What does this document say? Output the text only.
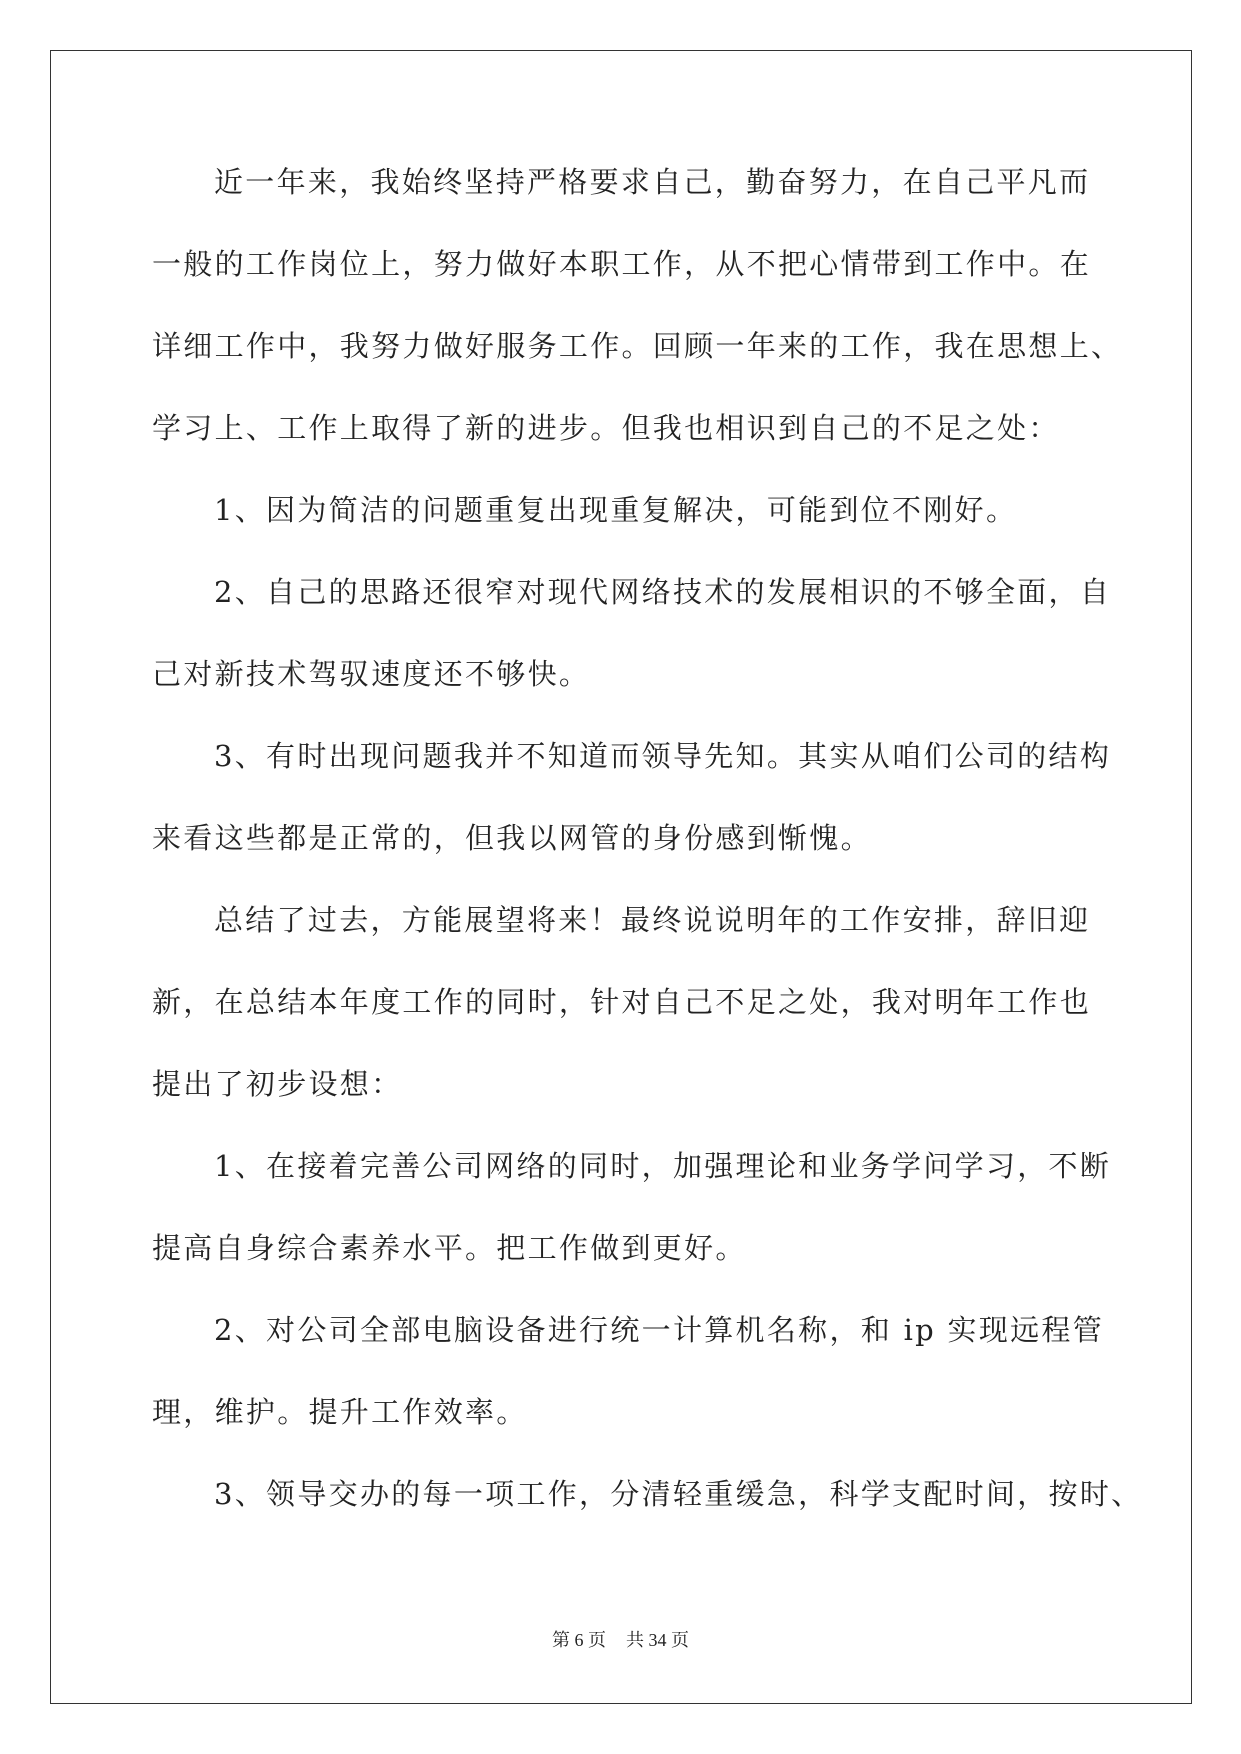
近一年来，我始终坚持严格要求自己，勤奋努力，在自己平凡而
一般的工作岗位上，努力做好本职工作，从不把心情带到工作中。在
详细工作中，我努力做好服务工作。回顾一年来的工作，我在思想上、
学习上、工作上取得了新的进步。但我也相识到自己的不足之处：
1、因为简洁的问题重复出现重复解决，可能到位不刚好。
2、自己的思路还很窄对现代网络技术的发展相识的不够全面，自
己对新技术驾驭速度还不够快。
3、有时出现问题我并不知道而领导先知。其实从咱们公司的结构
来看这些都是正常的，但我以网管的身份感到惭愧。
总结了过去，方能展望将来！最终说说明年的工作安排，辞旧迎
新，在总结本年度工作的同时，针对自己不足之处，我对明年工作也
提出了初步设想：
1、在接着完善公司网络的同时，加强理论和业务学问学习，不断
提高自身综合素养水平。把工作做到更好。
2、对公司全部电脑设备进行统一计算机名称，和 ip 实现远程管
理，维护。提升工作效率。
3、领导交办的每一项工作，分清轻重缓急，科学支配时间，按时、
第 6 页 共 34 页
